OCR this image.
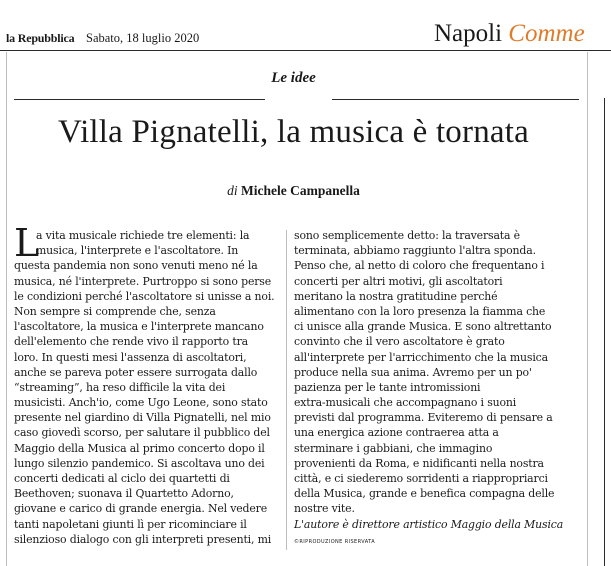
la Repubblica Sabato, 18 luglio 2020	Napoli Comme
Le idee
Villa Pignatelli, la musica è tornata
di Michele Campanella
L
a vita musicale richiede tre elementi: la
musica, l'interprete e l'ascoltatore. In
questa pandemia non sono venuti meno né la
musica, né l'interprete. Purtroppo si sono perse
le condizioni perché l'ascoltatore si unisse a noi.
Non sempre si comprende che, senza
l'ascoltatore, la musica e l'interprete mancano
dell'elemento che rende vivo il rapporto tra
loro. In questi mesi l'assenza di ascoltatori,
anche se pareva poter essere surrogata dallo
“streaming”, ha reso difficile la vita dei
musicisti. Anch'io, come Ugo Leone, sono stato
presente nel giardino di Villa Pignatelli, nel mio
caso giovedì scorso, per salutare il pubblico del
Maggio della Musica al primo concerto dopo il
lungo silenzio pandemico. Si ascoltava uno dei
concerti dedicati al ciclo dei quartetti di
Beethoven; suonava il Quartetto Adorno,
giovane e carico di grande energia. Nel vedere
tanti napoletani giunti lì per ricominciare il
silenzioso dialogo con gli interpreti presenti, mi
sono semplicemente detto: la traversata è
terminata, abbiamo raggiunto l'altra sponda.
Penso che, al netto di coloro che frequentano i
concerti per altri motivi, gli ascoltatori
meritano la nostra gratitudine perché
alimentano con la loro presenza la fiamma che
ci unisce alla grande Musica. E sono altrettanto
convinto che il vero ascoltatore è grato
all'interprete per l'arricchimento che la musica
produce nella sua anima. Avremo per un po'
pazienza per le tante intromissioni
extra-musicali che accompagnano i suoni
previsti dal programma. Eviteremo di pensare a
una energica azione contraerea atta a
sterminare i gabbiani, che immagino
provenienti da Roma, e nidificanti nella nostra
città, e ci siederemo sorridenti a riappropriarci
della Musica, grande e benefica compagna delle
nostre vite.
L'autore è direttore artistico Maggio della Musica
©RIPRODUZIONE RISERVATA
